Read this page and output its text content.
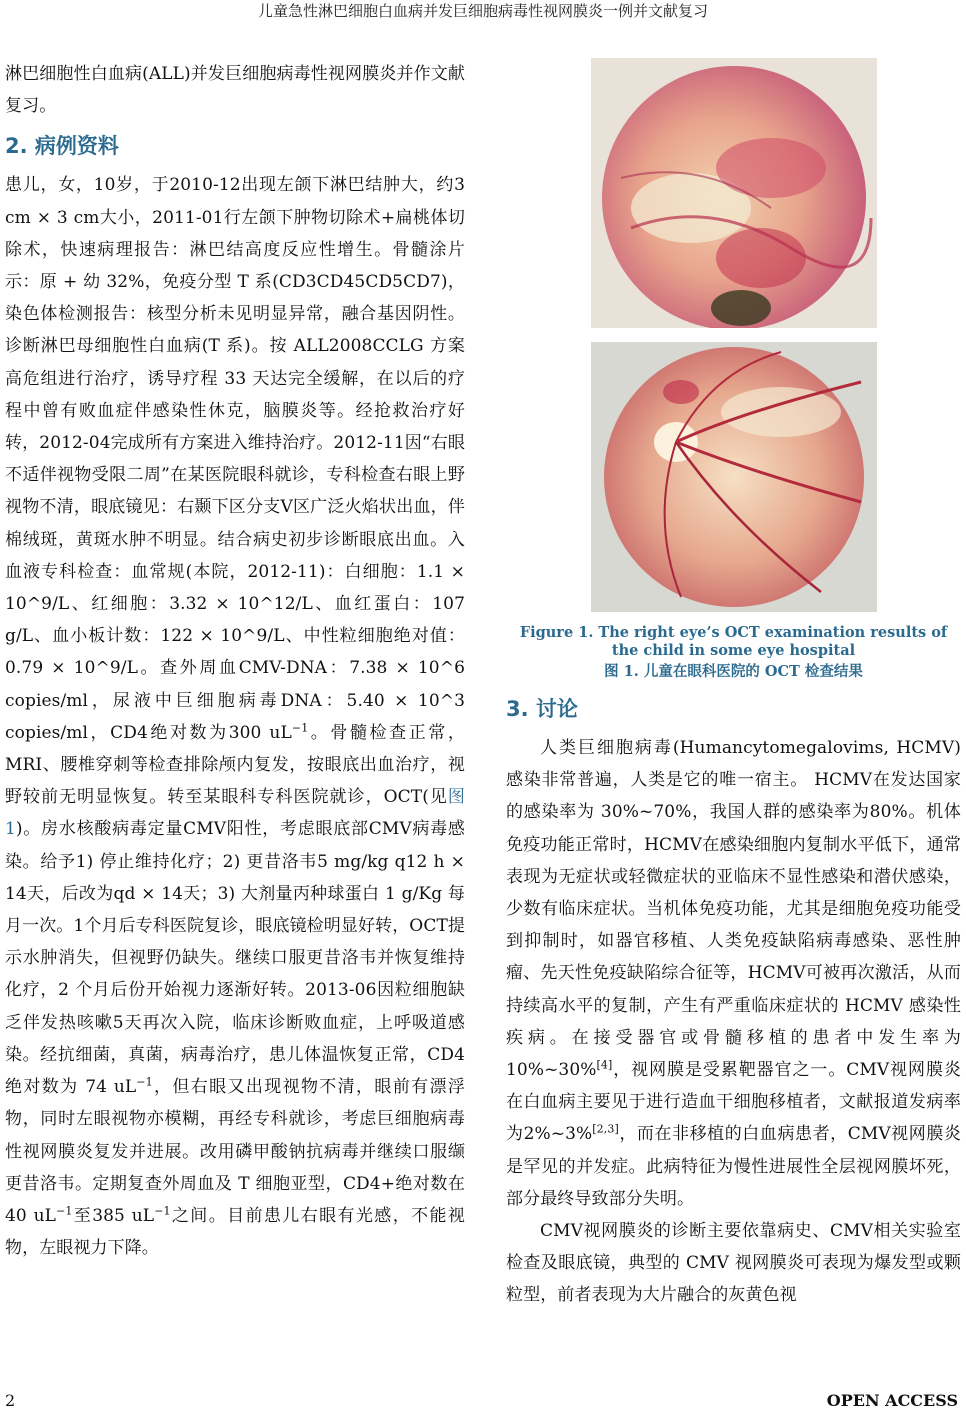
儿童急性淋巴细胞白血病并发巨细胞病毒性视网膜炎一例并文献复习

淋巴细胞性白血病(ALL)并发巨细胞病毒性视网膜炎并作文献复习。

2. 病例资料

患儿，女，10岁，于2010-12出现左颌下淋巴结肿大，约3 cm × 3 cm大小，2011-01行左颌下肿物切除术+扁桃体切除术，快速病理报告：淋巴结高度反应性增生。骨髓涂片示：原 + 幼 32%，免疫分型 T 系(CD3CD45CD5CD7)，染色体检测报告：核型分析未见明显异常，融合基因阴性。诊断淋巴母细胞性白血病(T 系)。按 ALL2008CCLG 方案高危组进行治疗，诱导疗程 33 天达完全缓解，在以后的疗程中曾有败血症伴感染性休克，脑膜炎等。经抢救治疗好转，2012-04完成所有方案进入维持治疗。2012-11因“右眼不适伴视物受限二周”在某医院眼科就诊，专科检查右眼上野视物不清，眼底镜见：右颞下区分支Ⅴ区广泛火焰状出血，伴棉绒斑，黄斑水肿不明显。结合病史初步诊断眼底出血。入血液专科检查：血常规(本院，2012-11)：白细胞：1.1 × 10^9/L、红细胞：3.32 × 10^12/L、血红蛋白：107 g/L、血小板计数：122 × 10^9/L、中性粒细胞绝对值：0.79 × 10^9/L。查外周血CMV-DNA：7.38 × 10^6 copies/ml，尿液中巨细胞病毒DNA：5.40 × 10^3 copies/ml，CD4绝对数为300 $uL^{-1}$。骨髓检查正常，MRI、腰椎穿刺等检查排除颅内复发，按眼底出血治疗，视野较前无明显恢复。转至某眼科专科医院就诊，OCT(见图 1)。房水核酸病毒定量CMV阳性，考虑眼底部CMV病毒感染。给予1) 停止维持化疗；2) 更昔洛韦5 mg/kg q12 h × 14天，后改为qd × 14天；3) 大剂量丙种球蛋白 1 g/Kg 每月一次。1个月后专科医院复诊，眼底镜检明显好转，OCT提示水肿消失，但视野仍缺失。继续口服更昔洛韦并恢复维持化疗，2 个月后份开始视力逐渐好转。2013-06因粒细胞缺乏伴发热咳嗽5天再次入院，临床诊断败血症，上呼吸道感染。经抗细菌，真菌，病毒治疗，患儿体温恢复正常，CD4 绝对数为 74 $uL^{-1}$，但右眼又出现视物不清，眼前有漂浮物，同时左眼视物亦模糊，再经专科就诊，考虑巨细胞病毒性视网膜炎复发并进展。改用磷甲酸钠抗病毒并继续口服缬更昔洛韦。定期复查外周血及 T 细胞亚型，CD4+绝对数在 40 $uL^{-1}$至385 $uL^{-1}$之间。目前患儿右眼有光感，不能视物，左眼视力下降。

Figure 1. The right eye’s OCT examination results of the child in some eye hospital
图 1. 儿童在眼科医院的 OCT 检查结果
3. 讨论

人类巨细胞病毒(Humancytomegalovims, HCMV)感染非常普遍，人类是它的唯一宿主。 HCMV在发达国家的感染率为 30%~70%，我国人群的感染率为80%。机体免疫功能正常时，HCMV在感染细胞内复制水平低下，通常表现为无症状或轻微症状的亚临床不显性感染和潜伏感染，少数有临床症状。当机体免疫功能，尤其是细胞免疫功能受到抑制时，如器官移植、人类免疫缺陷病毒感染、恶性肿瘤、先天性免疫缺陷综合征等，HCMV可被再次激活，从而持续高水平的复制，产生有严重临床症状的 HCMV 感染性疾病。在接受器官或骨髓移植的患者中发生率为 10%~30%[4]，视网膜是受累靶器官之一。CMV视网膜炎在白血病主要见于进行造血干细胞移植者，文献报道发病率为2%~3%[2,3]，而在非移植的白血病患者，CMV视网膜炎是罕见的并发症。此病特征为慢性进展性全层视网膜坏死，部分最终导致部分失明。

CMV视网膜炎的诊断主要依靠病史、CMV相关实验室检查及眼底镜，典型的 CMV 视网膜炎可表现为爆发型或颗粒型，前者表现为大片融合的灰黄色视

2	OPEN ACCESS
